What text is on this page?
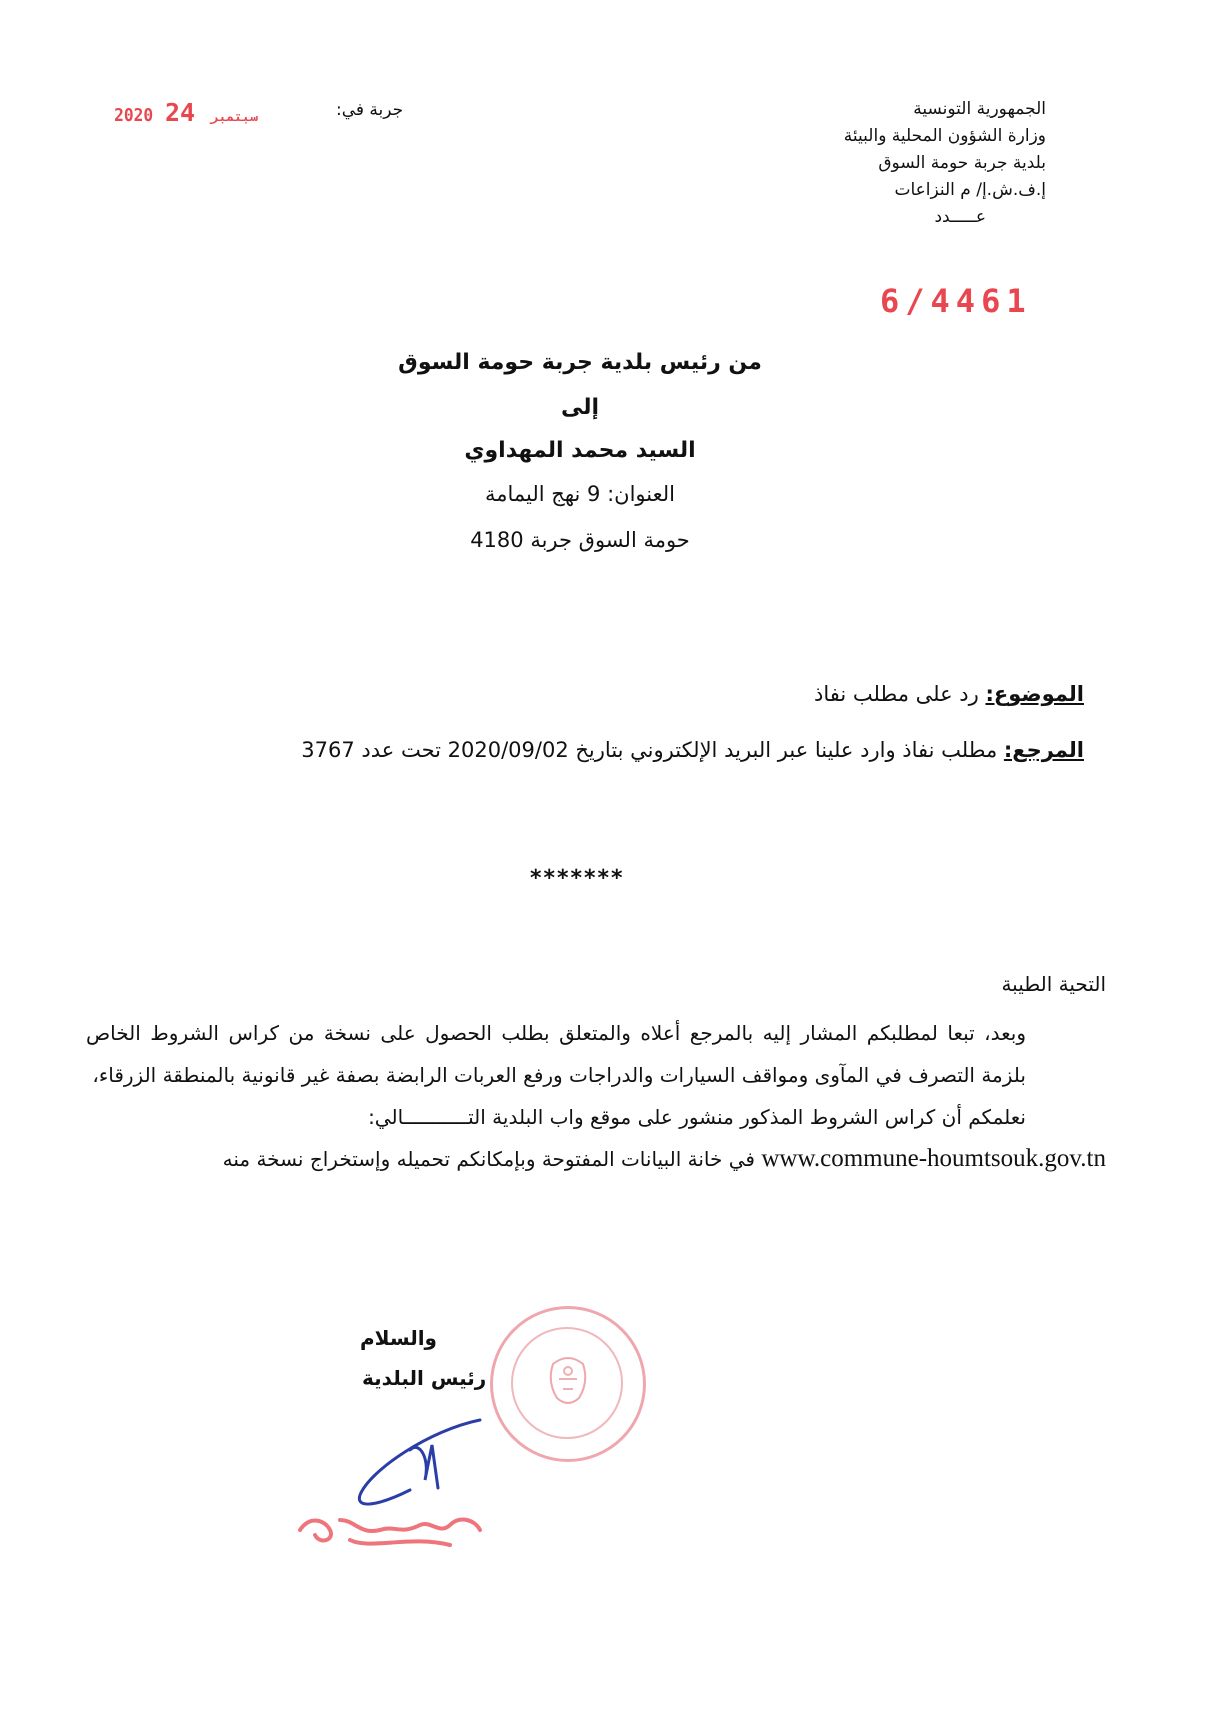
الجمهورية التونسية
وزارة الشؤون المحلية والبيئة
بلدية جربة حومة السوق
إ.ف.ش.إ/ م النزاعات
عـــــدد
جربة في:
2020	سبتمبر 24
6/4461
من رئيس بلدية جربة حومة السوق
إلى
السيد محمد المهداوي
العنوان: 9 نهج اليمامة
حومة السوق جربة 4180
الموضوع: رد على مطلب نفاذ
المرجع: مطلب نفاذ وارد علينا عبر البريد الإلكتروني بتاريخ 2020/09/02 تحت عدد 3767
*******
التحية الطيبة

وبعد، تبعا لمطلبكم المشار إليه بالمرجع أعلاه والمتعلق بطلب الحصول على نسخة من كراس الشروط الخاص بلزمة التصرف في المآوى ومواقف السيارات والدراجات ورفع العربات الرابضة بصفة غير قانونية بالمنطقة الزرقاء،

نعلمكم أن كراس الشروط المذكور منشور على موقع واب البلدية التـــــــــــالي:

www.commune-houmtsouk.gov.tn في خانة البيانات المفتوحة وبإمكانكم تحميله وإستخراج نسخة منه

والسلام
رئيس البلدية
